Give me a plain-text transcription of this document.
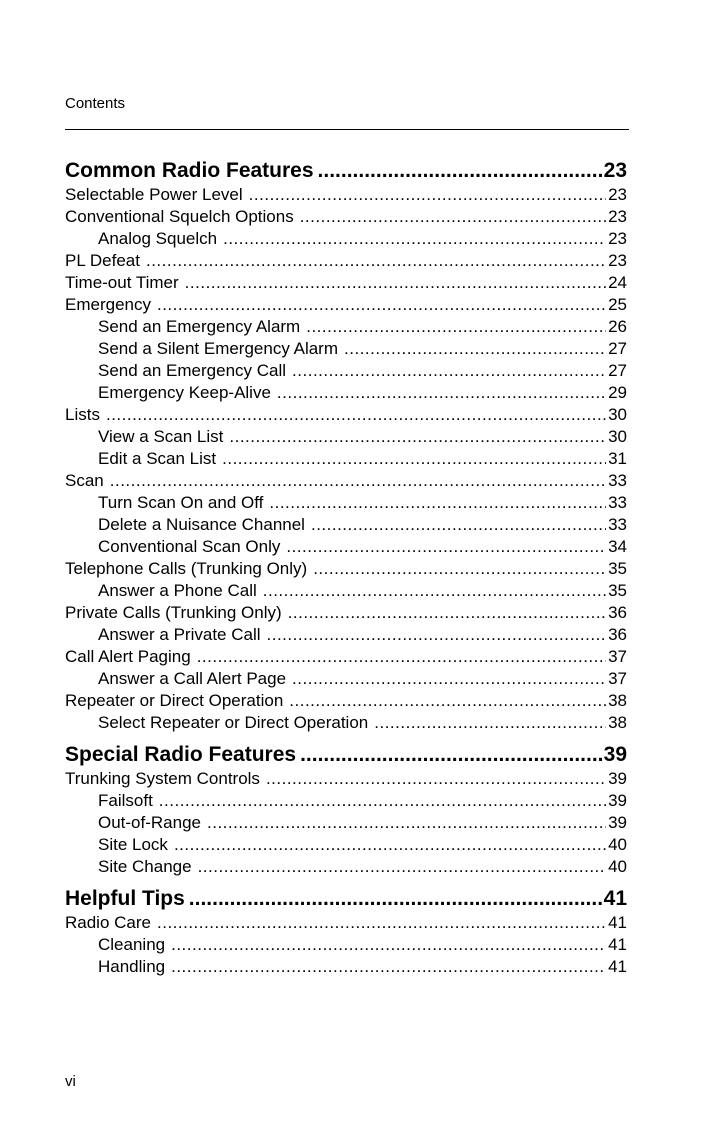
Contents
Common Radio Features .....	23
Selectable Power Level .....	23
Conventional Squelch Options .....	23
Analog Squelch .....	23
PL Defeat .....	23
Time-out Timer .....	24
Emergency .....	25
Send an Emergency Alarm .....	26
Send a Silent Emergency Alarm .....	27
Send an Emergency Call .....	27
Emergency Keep-Alive .....	29
Lists .....	30
View a Scan List .....	30
Edit a Scan List .....	31
Scan .....	33
Turn Scan On and Off .....	33
Delete a Nuisance Channel .....	33
Conventional Scan Only .....	34
Telephone Calls (Trunking Only) .....	35
Answer a Phone Call .....	35
Private Calls (Trunking Only) .....	36
Answer a Private Call .....	36
Call Alert Paging .....	37
Answer a Call Alert Page .....	37
Repeater or Direct Operation .....	38
Select Repeater or Direct Operation .....	38
Special Radio Features .....	39
Trunking System Controls .....	39
Failsoft .....	39
Out-of-Range .....	39
Site Lock .....	40
Site Change .....	40
Helpful Tips .....	41
Radio Care .....	41
Cleaning .....	41
Handling .....	41
vi
